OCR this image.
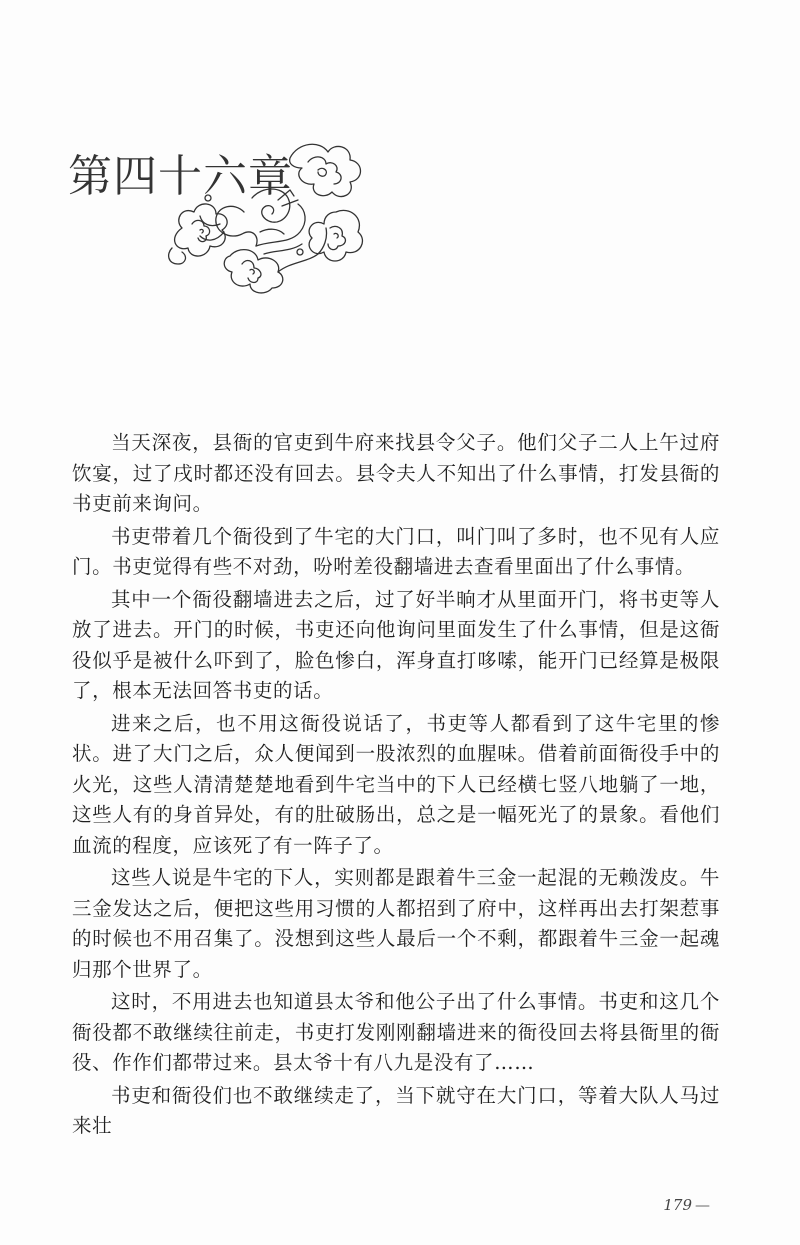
第四十六章

当天深夜，县衙的官吏到牛府来找县令父子。他们父子二人上午过府饮宴，过了戌时都还没有回去。县令夫人不知出了什么事情，打发县衙的书吏前来询问。

书吏带着几个衙役到了牛宅的大门口，叫门叫了多时，也不见有人应门。书吏觉得有些不对劲，吩咐差役翻墙进去查看里面出了什么事情。

其中一个衙役翻墙进去之后，过了好半晌才从里面开门，将书吏等人放了进去。开门的时候，书吏还向他询问里面发生了什么事情，但是这衙役似乎是被什么吓到了，脸色惨白，浑身直打哆嗦，能开门已经算是极限了，根本无法回答书吏的话。

进来之后，也不用这衙役说话了，书吏等人都看到了这牛宅里的惨状。进了大门之后，众人便闻到一股浓烈的血腥味。借着前面衙役手中的火光，这些人清清楚楚地看到牛宅当中的下人已经横七竖八地躺了一地，这些人有的身首异处，有的肚破肠出，总之是一幅死光了的景象。看他们血流的程度，应该死了有一阵子了。

这些人说是牛宅的下人，实则都是跟着牛三金一起混的无赖泼皮。牛三金发达之后，便把这些用习惯的人都招到了府中，这样再出去打架惹事的时候也不用召集了。没想到这些人最后一个不剩，都跟着牛三金一起魂归那个世界了。

这时，不用进去也知道县太爷和他公子出了什么事情。书吏和这几个衙役都不敢继续往前走，书吏打发刚刚翻墙进来的衙役回去将县衙里的衙役、作作们都带过来。县太爷十有八九是没有了……

书吏和衙役们也不敢继续走了，当下就守在大门口，等着大队人马过来壮

179 —
